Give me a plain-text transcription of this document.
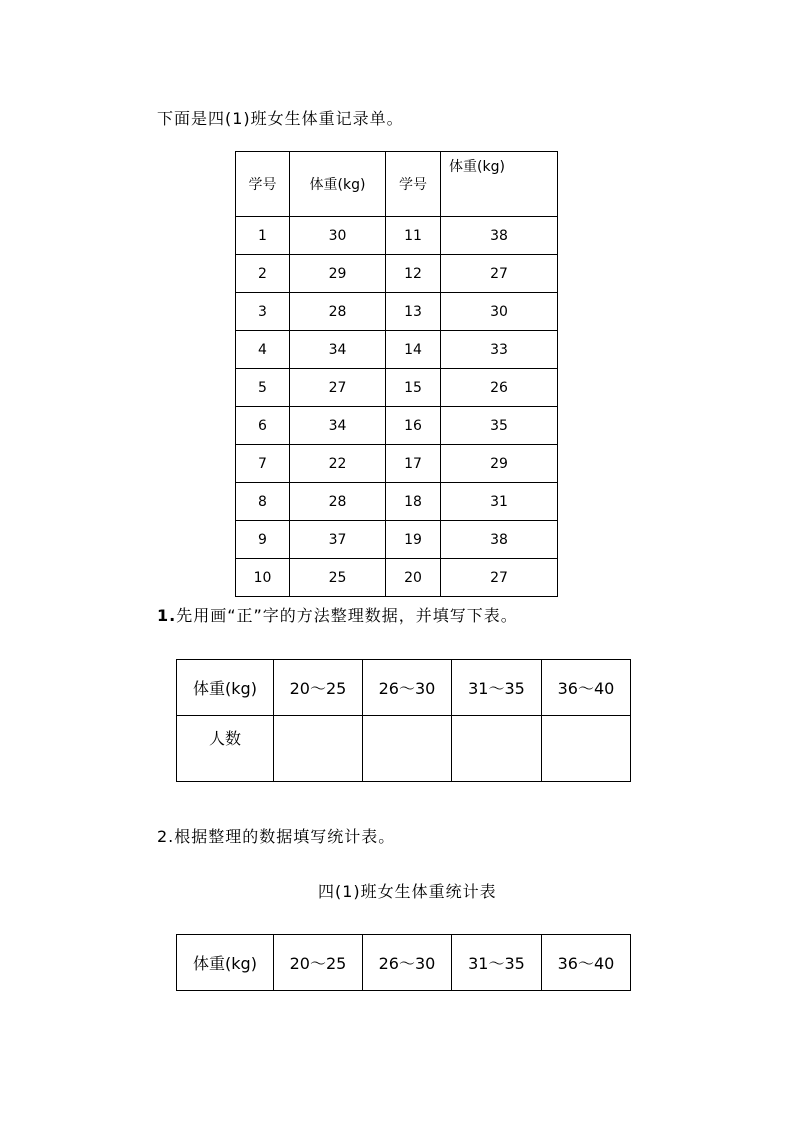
下面是四(1)班女生体重记录单。
学号	体重(kg)	学号	体重(kg)
1	30	11	38
2	29	12	27
3	28	13	30
4	34	14	33
5	27	15	26
6	34	16	35
7	22	17	29
8	28	18	31
9	37	19	38
10	25	20	27
1.先用画“正”字的方法整理数据，并填写下表。
体重(kg)	20～25	26～30	31～35	36～40
人数				
2.根据整理的数据填写统计表。
四(1)班女生体重统计表
体重(kg)	20～25	26～30	31～35	36～40
